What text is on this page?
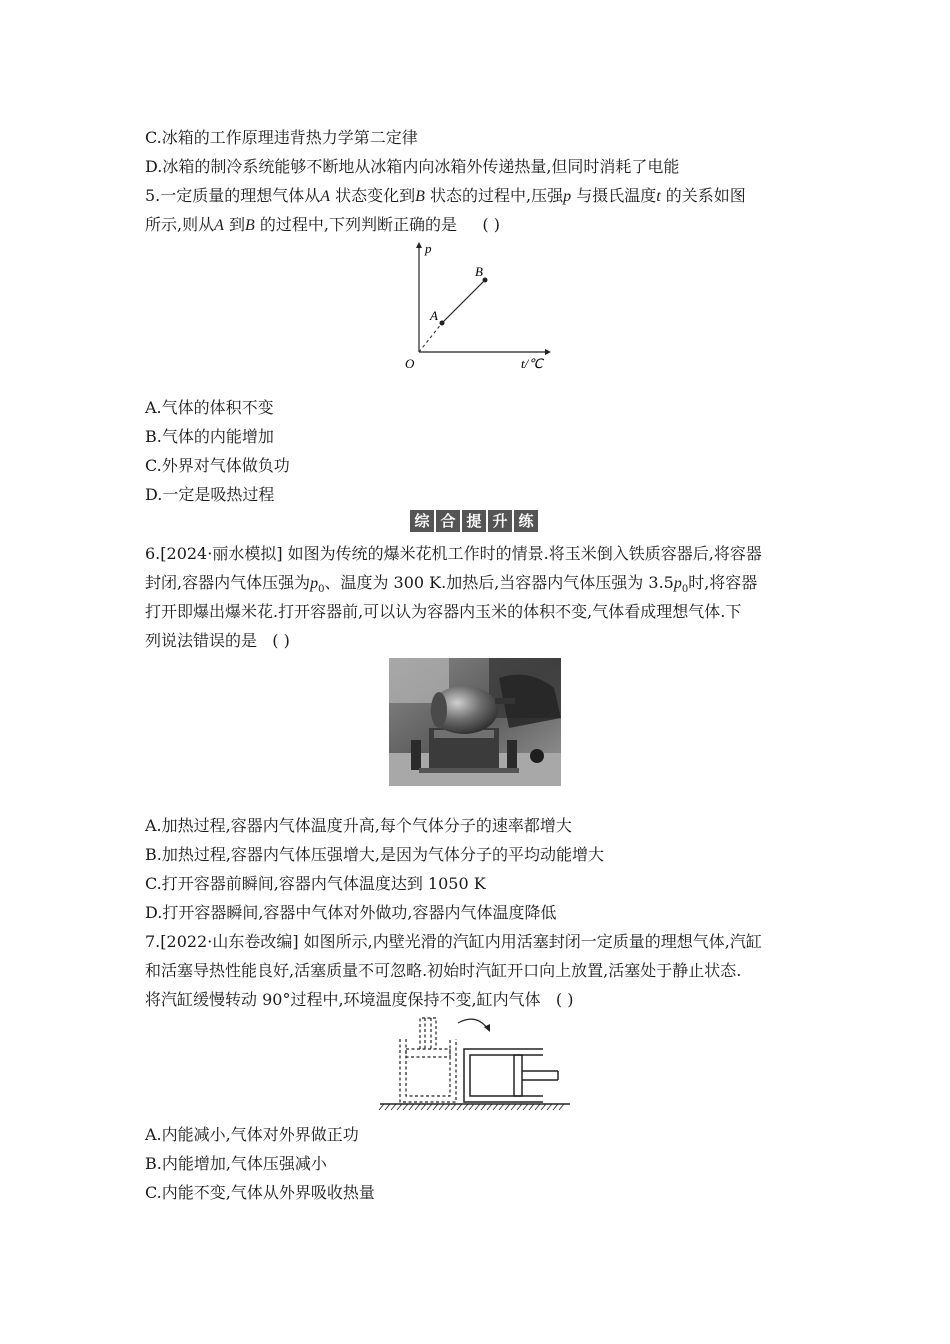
C.冰箱的工作原理违背热力学第二定律
D.冰箱的制冷系统能够不断地从冰箱内向冰箱外传递热量,但同时消耗了电能
5.一定质量的理想气体从A 状态变化到B 状态的过程中,压强p 与摄氏温度t 的关系如图
所示,则从A 到B 的过程中,下列判断正确的是 ( )
p
t/℃
O
A
B
A.气体的体积不变
B.气体的内能增加
C.外界对气体做负功
D.一定是吸热过程
综 合 提 升 练
6.[2024·丽水模拟] 如图为传统的爆米花机工作时的情景.将玉米倒入铁质容器后,将容器
封闭,容器内气体压强为$p_0$、温度为 300 K.加热后,当容器内气体压强为 $3.5p_0$时,将容器
打开即爆出爆米花.打开容器前,可以认为容器内玉米的体积不变,气体看成理想气体.下
列说法错误的是 ( )
A.加热过程,容器内气体温度升高,每个气体分子的速率都增大
B.加热过程,容器内气体压强增大,是因为气体分子的平均动能增大
C.打开容器前瞬间,容器内气体温度达到 1050 K
D.打开容器瞬间,容器中气体对外做功,容器内气体温度降低
7.[2022·山东卷改编] 如图所示,内壁光滑的汽缸内用活塞封闭一定质量的理想气体,汽缸
和活塞导热性能良好,活塞质量不可忽略.初始时汽缸开口向上放置,活塞处于静止状态.
将汽缸缓慢转动 90°过程中,环境温度保持不变,缸内气体 ( )
A.内能减小,气体对外界做正功
B.内能增加,气体压强减小
C.内能不变,气体从外界吸收热量
